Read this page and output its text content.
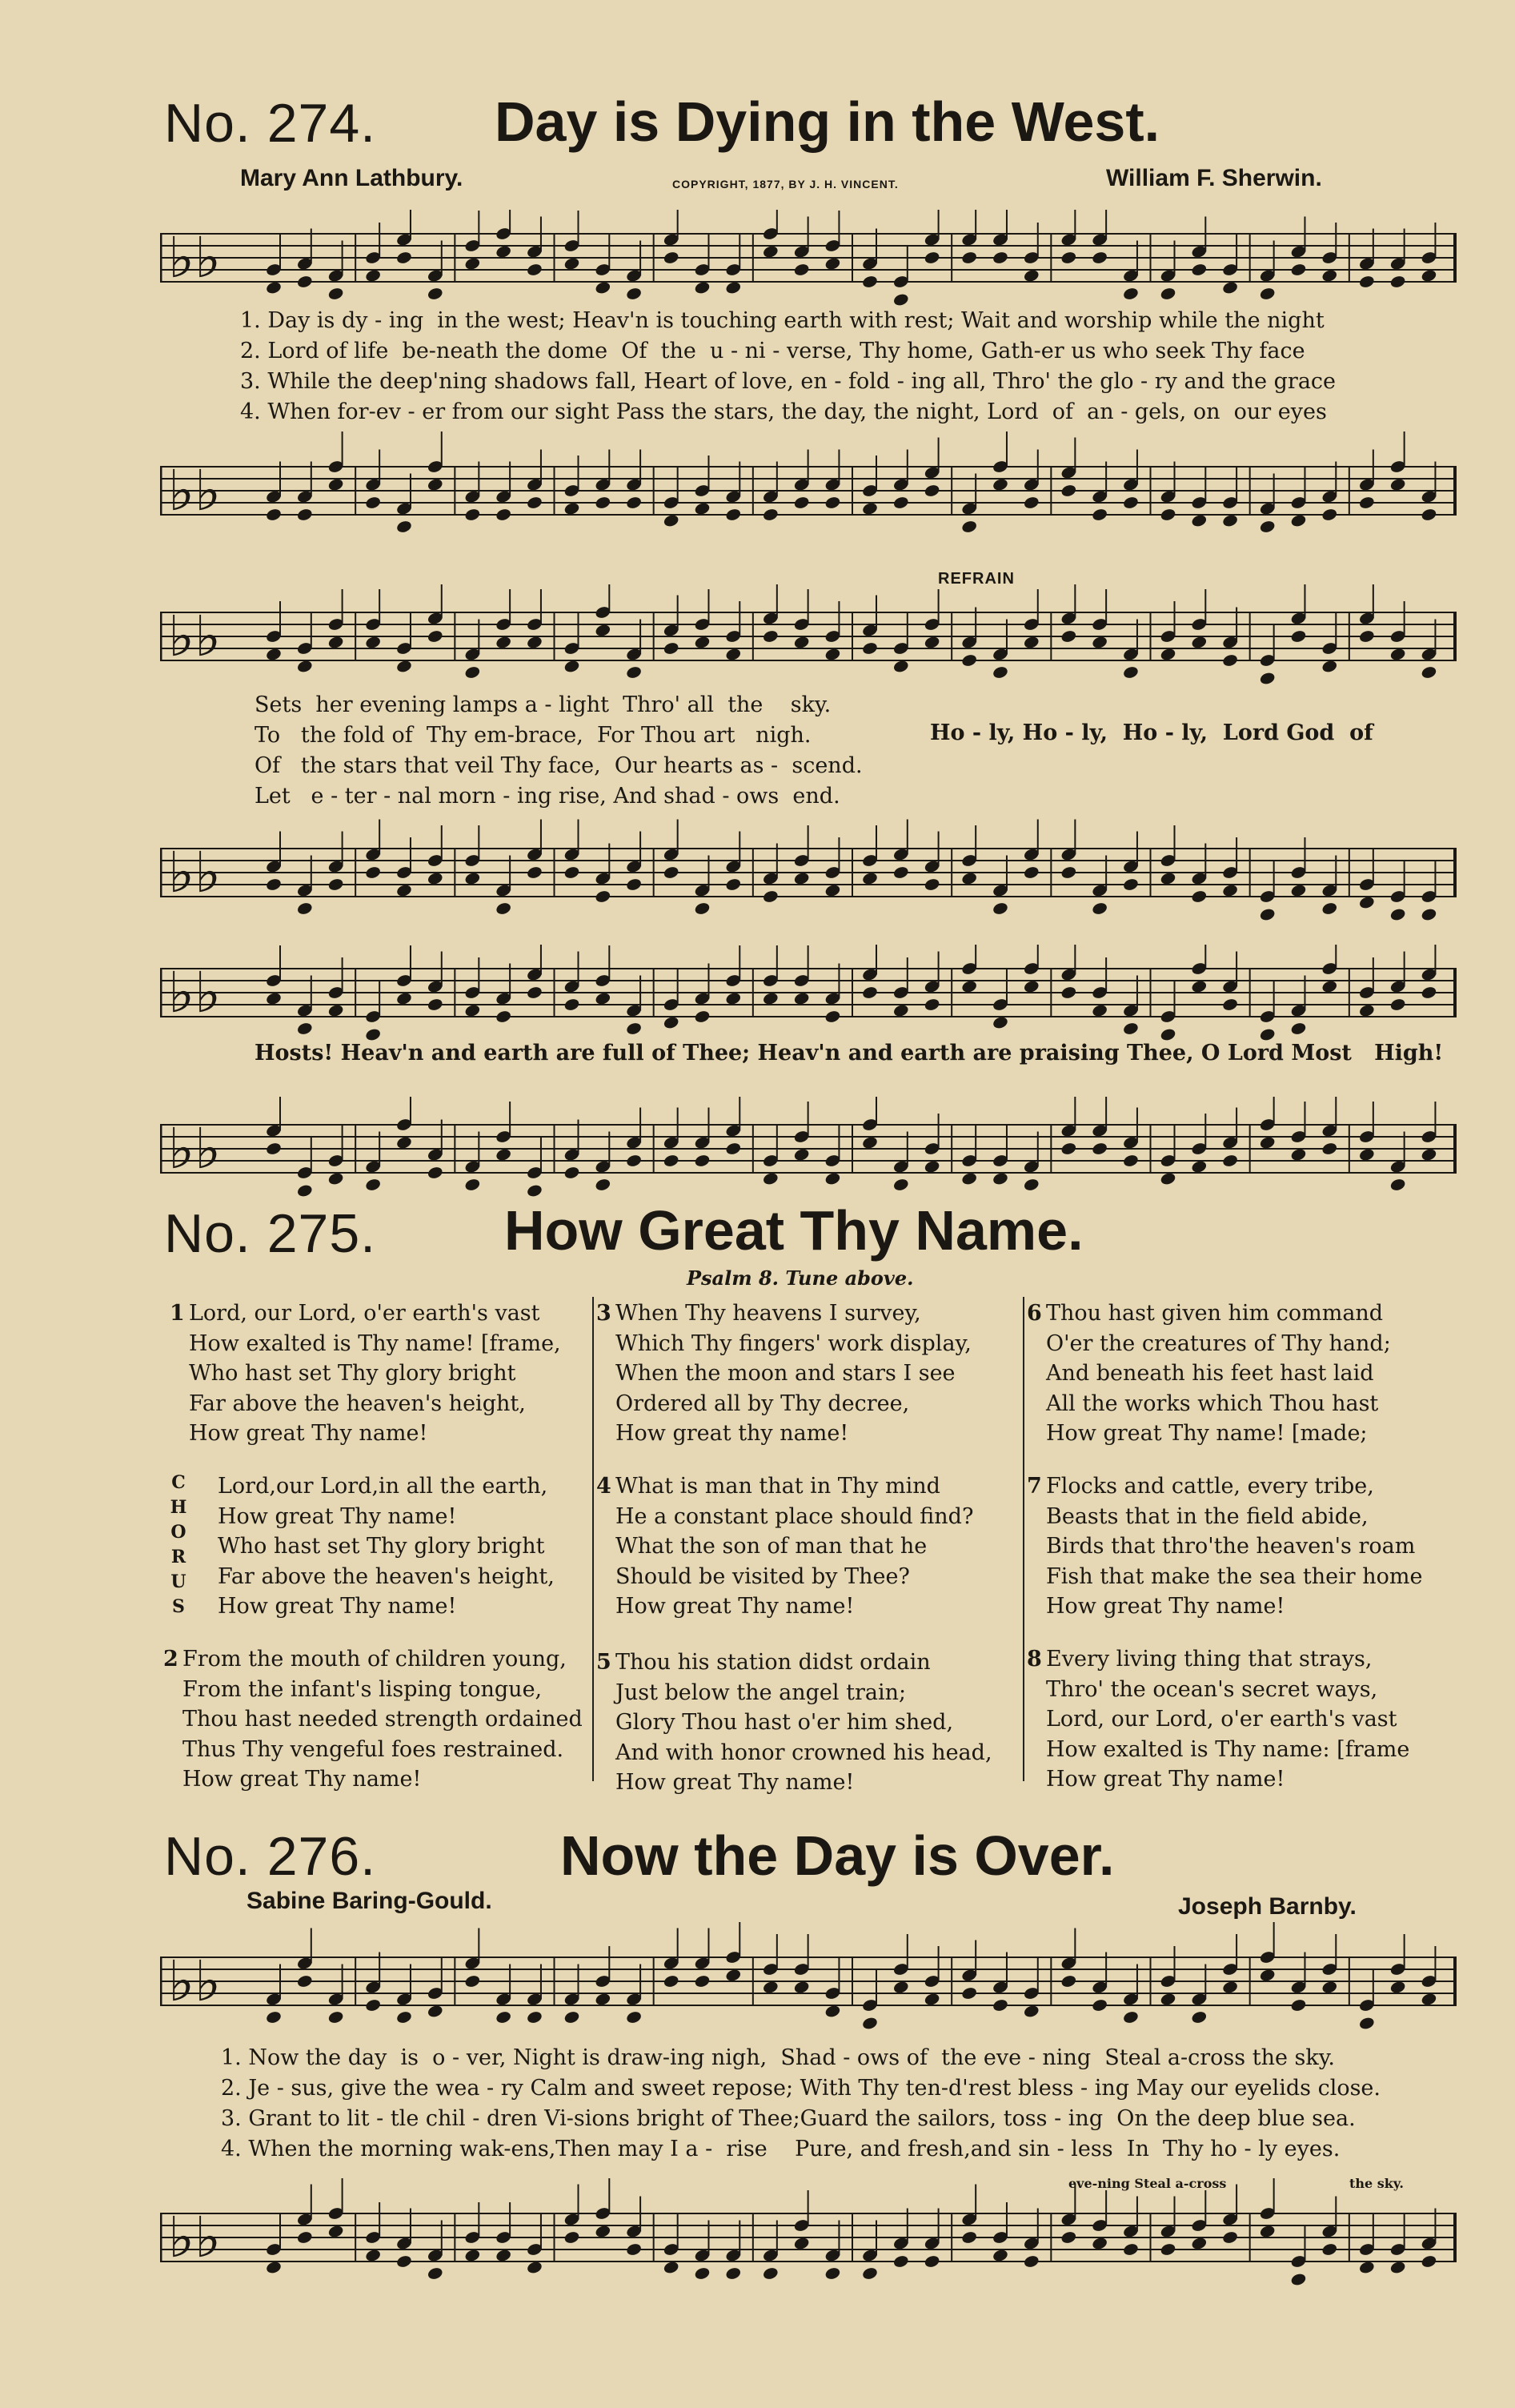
No. 274. Day is Dying in the West.
Mary Ann Lathbury.	COPYRIGHT, 1877, BY J. H. VINCENT.	William F. Sherwin.
♭♭
1. Day is dy - ing  in the west; Heav'n is touching earth with rest; Wait and worship while the night
2. Lord of life  be-neath the dome  Of  the  u - ni - verse, Thy home, Gath-er us who seek Thy face
3. While the deep'ning shadows fall, Heart of love, en - fold - ing all, Thro' the glo - ry and the grace
4. When for-ev - er from our sight Pass the stars, the day, the night, Lord  of  an - gels, on  our eyes
♭♭
REFRAIN
♭♭
Sets  her evening lamps a - light  Thro' all  the    sky.
To   the fold of  Thy em-brace,  For Thou art   nigh.
Of   the stars that veil Thy face,  Our hearts as -  scend.
Let   e - ter - nal morn - ing rise, And shad - ows  end.
Ho - ly, Ho - ly,  Ho - ly,  Lord God  of
♭♭
♭♭
Hosts! Heav'n and earth are full of Thee; Heav'n and earth are praising Thee, O Lord Most   High!
♭♭
No. 275. How Great Thy Name.
Psalm 8. Tune above.
1 Lord, our Lord, o'er earth's vast
How exalted is Thy name! [frame,
Who hast set Thy glory bright
Far above the heaven's height,
How great Thy name!
C
H
O
R
U
S
Lord,our Lord,in all the earth,
How great Thy name!
Who hast set Thy glory bright
Far above the heaven's height,
How great Thy name!
2 From the mouth of children young,
From the infant's lisping tongue,
Thou hast needed strength ordained
Thus Thy vengeful foes restrained.
How great Thy name!
3 When Thy heavens I survey,
Which Thy fingers' work display,
When the moon and stars I see
Ordered all by Thy decree,
How great thy name!
4 What is man that in Thy mind
He a constant place should find?
What the son of man that he
Should be visited by Thee?
How great Thy name!
5 Thou his station didst ordain
Just below the angel train;
Glory Thou hast o'er him shed,
And with honor crowned his head,
How great Thy name!
6 Thou hast given him command
O'er the creatures of Thy hand;
And beneath his feet hast laid
All the works which Thou hast
How great Thy name! [made;
7 Flocks and cattle, every tribe,
Beasts that in the field abide,
Birds that thro'the heaven's roam
Fish that make the sea their home
How great Thy name!
8 Every living thing that strays,
Thro' the ocean's secret ways,
Lord, our Lord, o'er earth's vast
How exalted is Thy name: [frame
How great Thy name!
No. 276.	Now the Day is Over.
Sabine Baring-Gould.	Joseph Barnby.
♭♭
1. Now the day  is  o - ver, Night is draw-ing nigh,  Shad - ows of  the eve - ning  Steal a-cross the sky.
2. Je - sus, give the wea - ry Calm and sweet repose; With Thy ten-d'rest bless - ing May our eyelids close.
3. Grant to lit - tle chil - dren Vi-sions bright of Thee;Guard the sailors, toss - ing  On the deep blue sea.
4. When the morning wak-ens,Then may I a -  rise    Pure, and fresh,and sin - less  In  Thy ho - ly eyes.
eve-ning Steal a-cross	the sky.
♭♭
